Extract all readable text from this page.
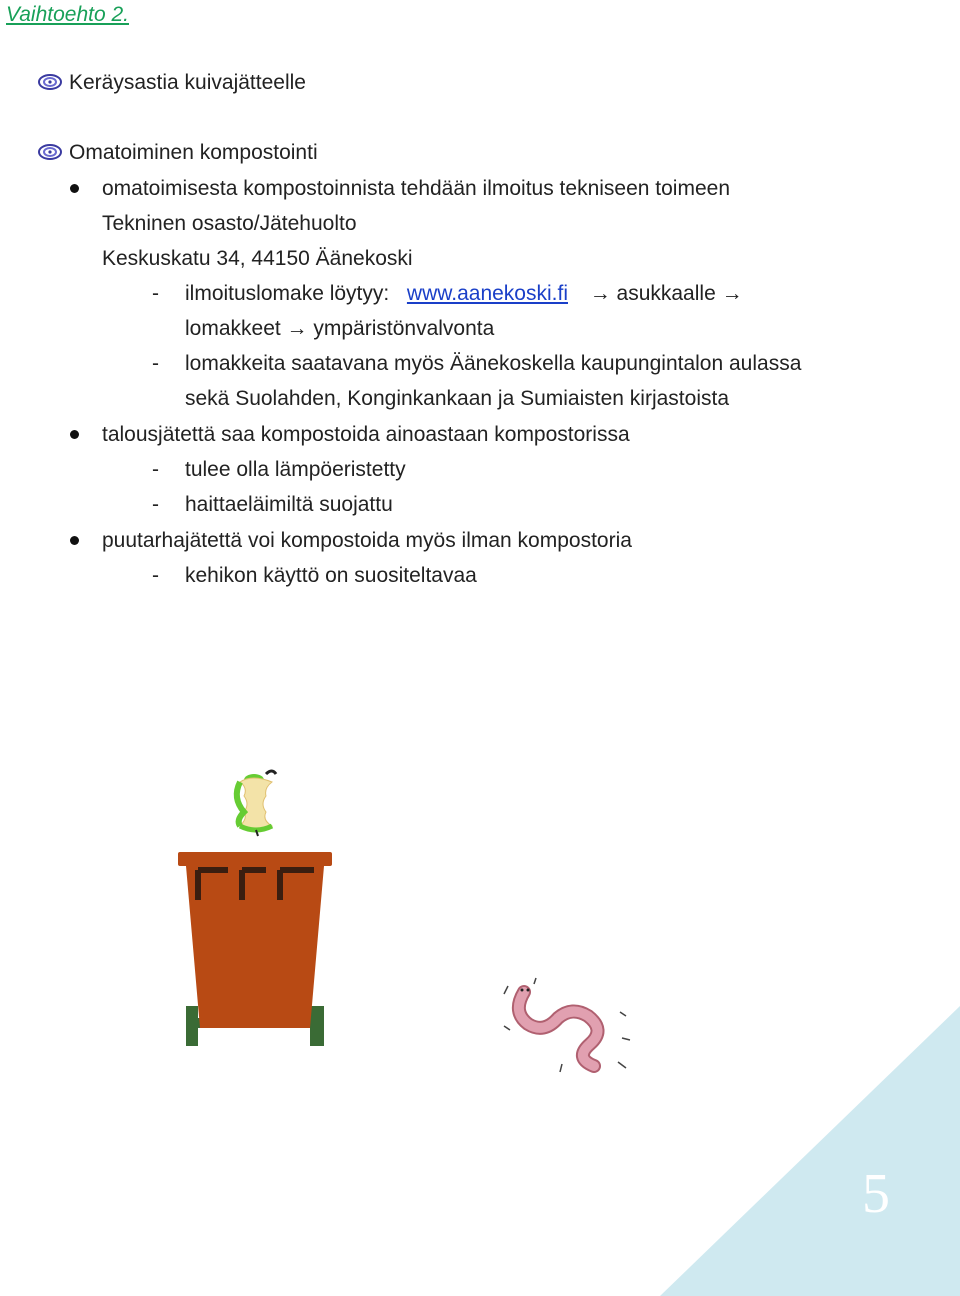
Vaihtoehto 2.
Keräysastia kuivajätteelle
Omatoiminen kompostointi
omatoimisesta kompostoinnista tehdään ilmoitus tekniseen toimeen
Tekninen osasto/Jätehuolto
Keskuskatu 34, 44150 Äänekoski
- ilmoituslomake löytyy: www.aanekoski.fi → asukkaalle →
lomakkeet → ympäristönvalvonta
- lomakkeita saatavana myös Äänekoskella kaupungintalon aulassa
sekä Suolahden, Konginkankaan ja Sumiaisten kirjastoista
talousjätettä saa kompostoida ainoastaan kompostorissa
- tulee olla lämpöeristetty
- haittaeläimiltä suojattu
puutarhajätettä voi kompostoida myös ilman kompostoria
- kehikon käyttö on suositeltavaa
5
